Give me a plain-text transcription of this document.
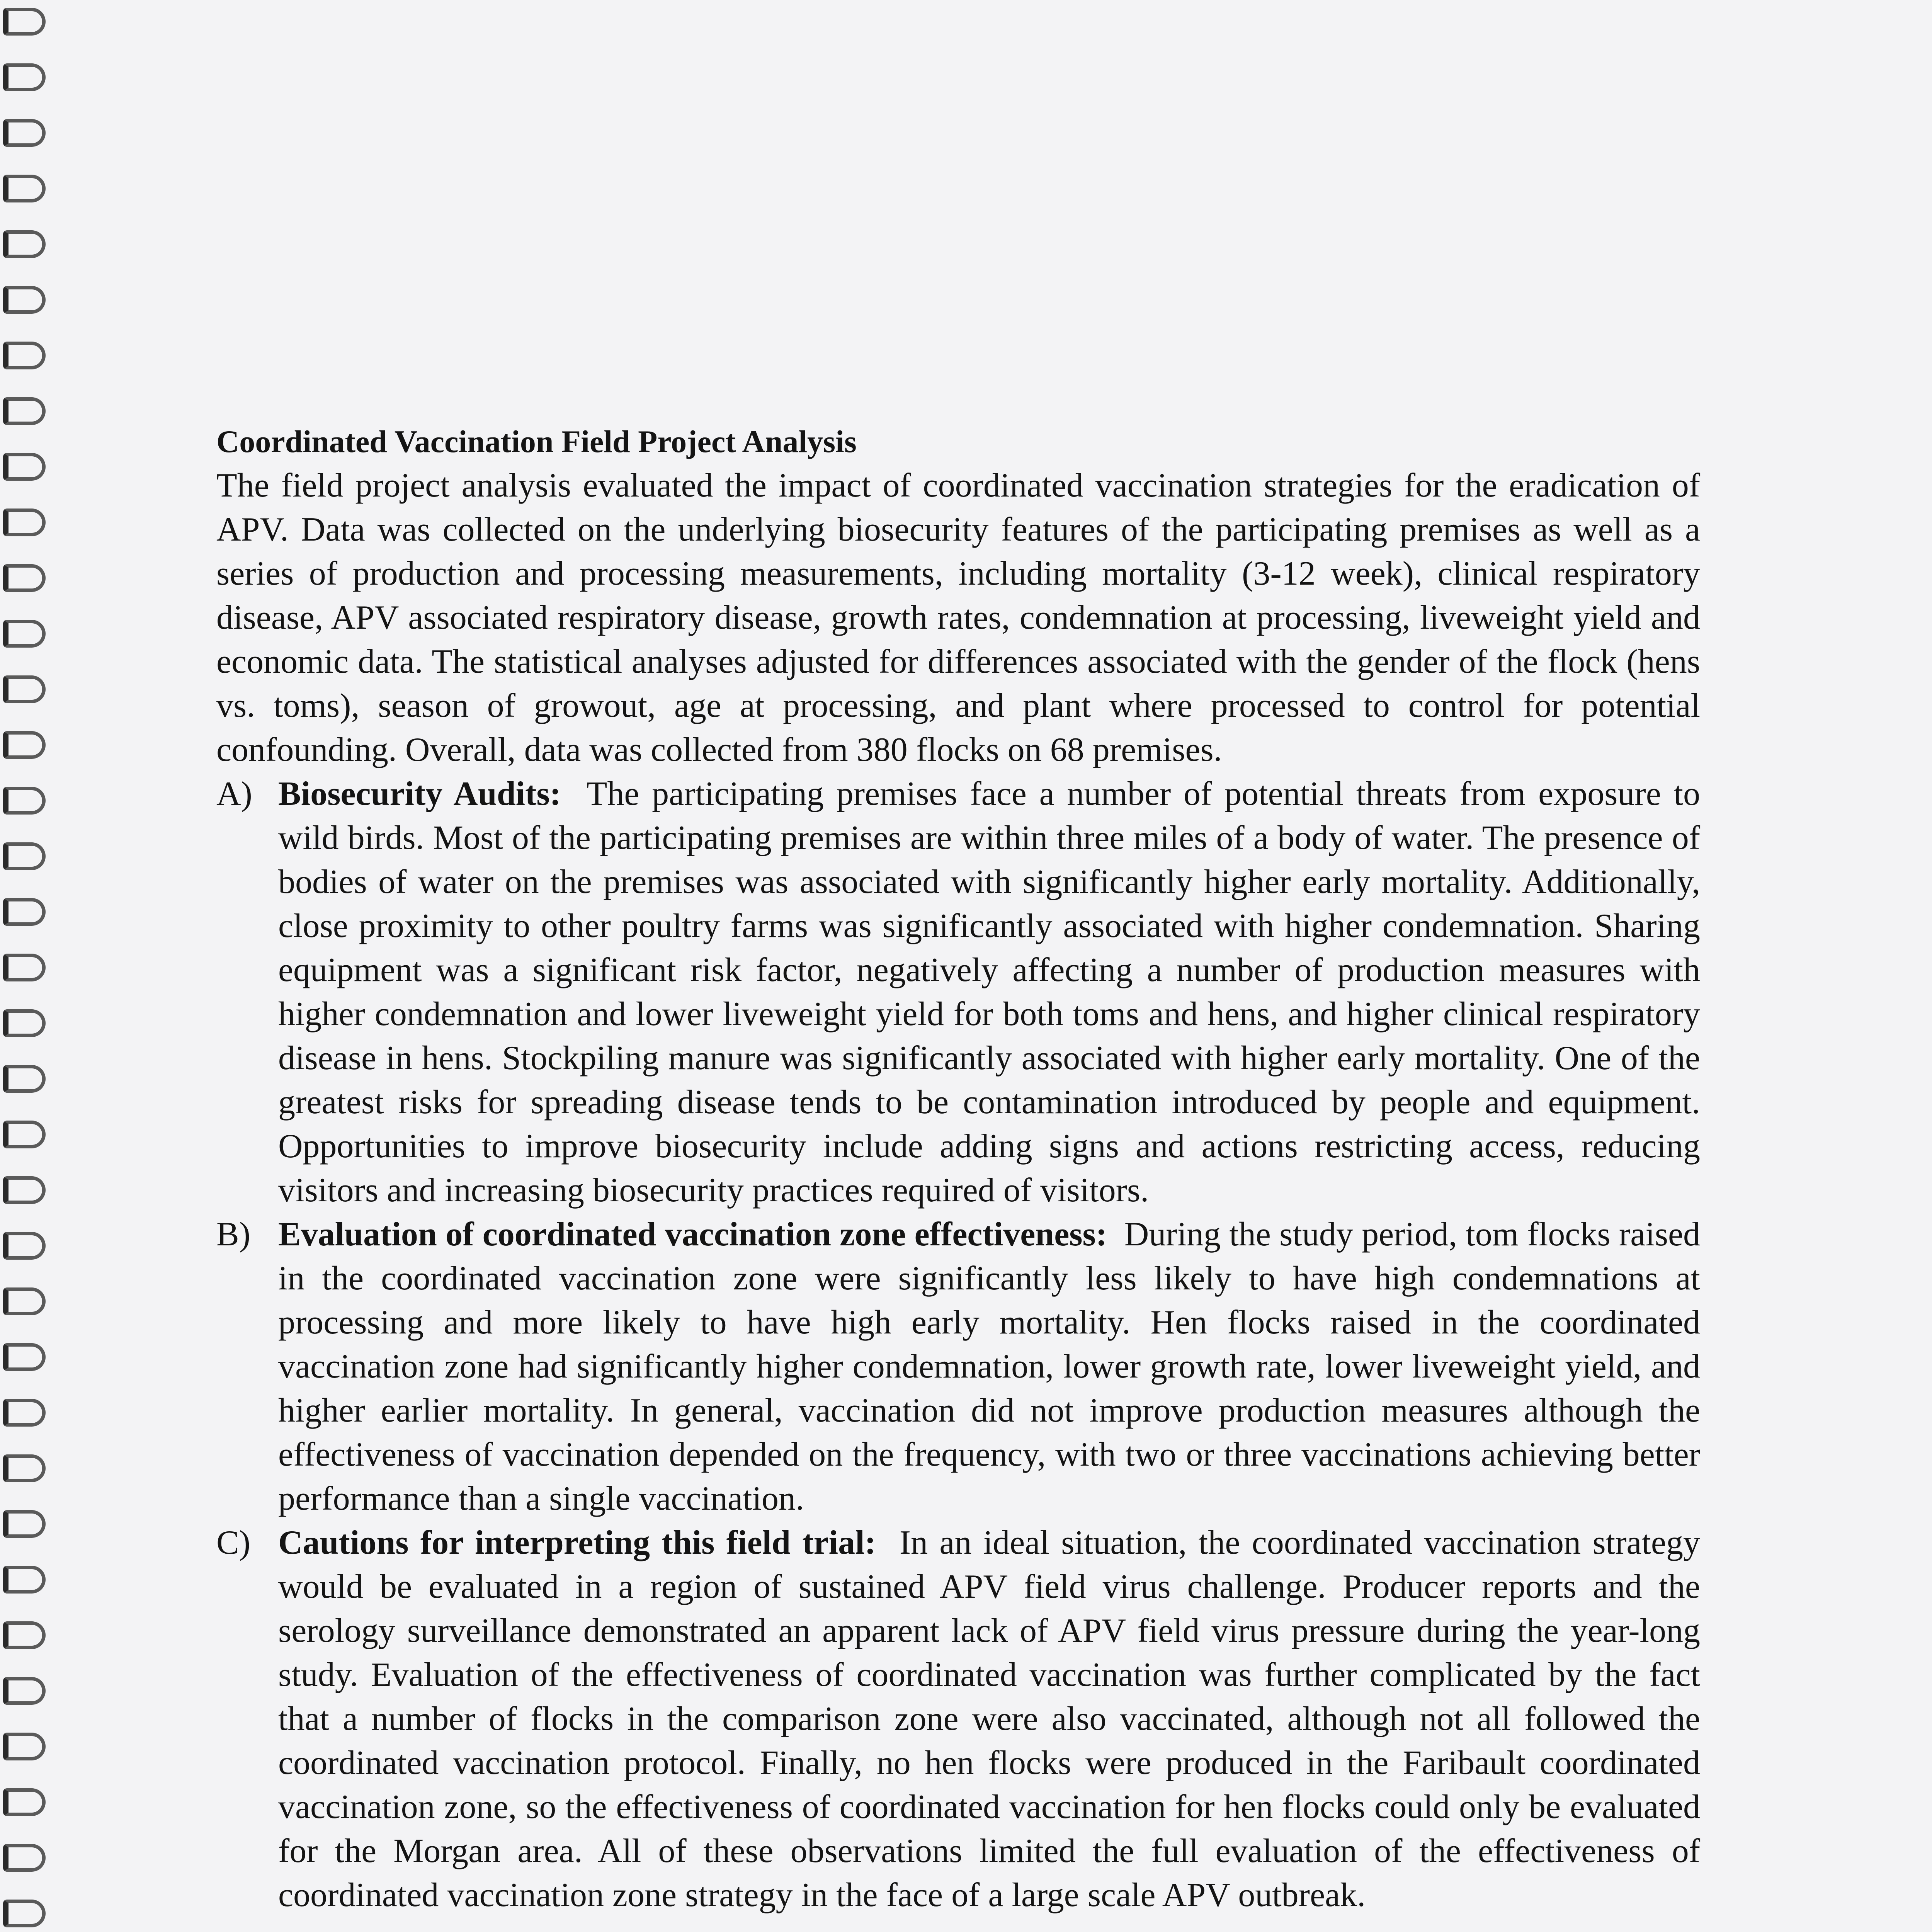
Coordinated Vaccination Field Project Analysis

The field project analysis evaluated the impact of coordinated vaccination strategies for the eradication of APV. Data was collected on the underlying biosecurity features of the participating premises as well as a series of production and processing measurements, including mortality (3-12 week), clinical respiratory disease, APV associated respiratory disease, growth rates, condemnation at processing, liveweight yield and economic data. The statistical analyses adjusted for differences associated with the gender of the flock (hens vs. toms), season of growout, age at processing, and plant where processed to control for potential confounding. Overall, data was collected from 380 flocks on 68 premises.

A) Biosecurity Audits: The participating premises face a number of potential threats from exposure to wild birds. Most of the participating premises are within three miles of a body of water. The presence of bodies of water on the premises was associated with significantly higher early mortality. Additionally, close proximity to other poultry farms was significantly associated with higher condemnation. Sharing equipment was a significant risk factor, negatively affecting a number of production measures with higher condemnation and lower liveweight yield for both toms and hens, and higher clinical respiratory disease in hens. Stockpiling manure was significantly associated with higher early mortality. One of the greatest risks for spreading disease tends to be contamination introduced by people and equipment. Opportunities to improve biosecurity include adding signs and actions restricting access, reducing visitors and increasing biosecurity practices required of visitors.

B) Evaluation of coordinated vaccination zone effectiveness: During the study period, tom flocks raised in the coordinated vaccination zone were significantly less likely to have high condemnations at processing and more likely to have high early mortality. Hen flocks raised in the coordinated vaccination zone had significantly higher condemnation, lower growth rate, lower liveweight yield, and higher earlier mortality. In general, vaccination did not improve production measures although the effectiveness of vaccination depended on the frequency, with two or three vaccinations achieving better performance than a single vaccination.

C) Cautions for interpreting this field trial: In an ideal situation, the coordinated vaccination strategy would be evaluated in a region of sustained APV field virus challenge. Producer reports and the serology surveillance demonstrated an apparent lack of APV field virus pressure during the year-long study. Evaluation of the effectiveness of coordinated vaccination was further complicated by the fact that a number of flocks in the comparison zone were also vaccinated, although not all followed the coordinated vaccination protocol. Finally, no hen flocks were produced in the Faribault coordinated vaccination zone, so the effectiveness of coordinated vaccination for hen flocks could only be evaluated for the Morgan area. All of these observations limited the full evaluation of the effectiveness of coordinated vaccination zone strategy in the face of a large scale APV outbreak.
